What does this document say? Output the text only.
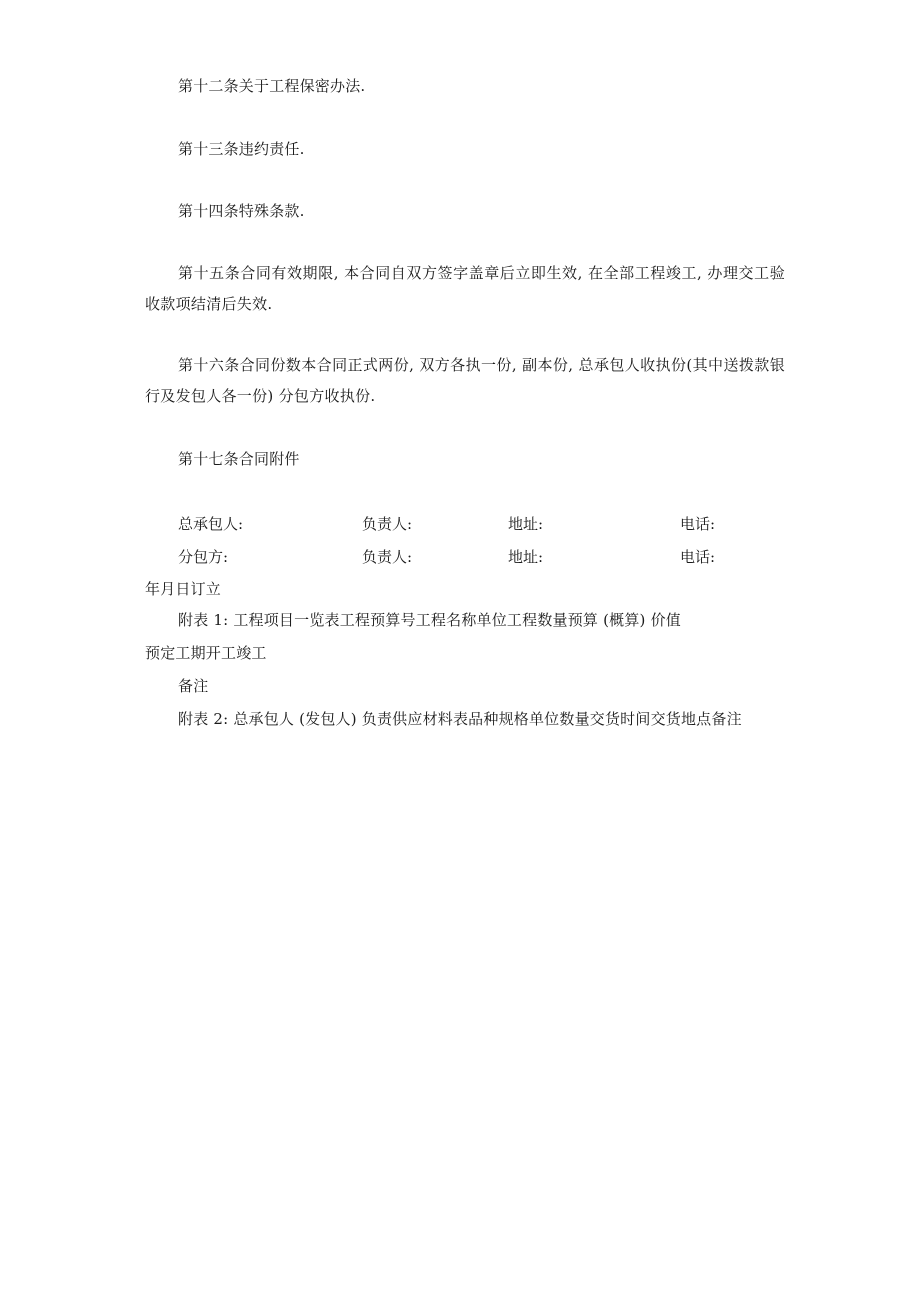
第十二条关于工程保密办法.
第十三条违约责任.
第十四条特殊条款.
第十五条合同有效期限, 本合同自双方签字盖章后立即生效, 在全部工程竣工, 办理交工验收款项结清后失效.
第十六条合同份数本合同正式两份, 双方各执一份, 副本份, 总承包人收执份(其中送拨款银行及发包人各一份) 分包方收执份.
第十七条合同附件
总承包人:	负责人:	地址:	电话:
分包方:	负责人:	地址:	电话:
年月日订立
附表 1: 工程项目一览表工程预算号工程名称单位工程数量预算 (概算) 价值
预定工期开工竣工
备注
附表 2: 总承包人 (发包人) 负责供应材料表品种规格单位数量交货时间交货地点备注
